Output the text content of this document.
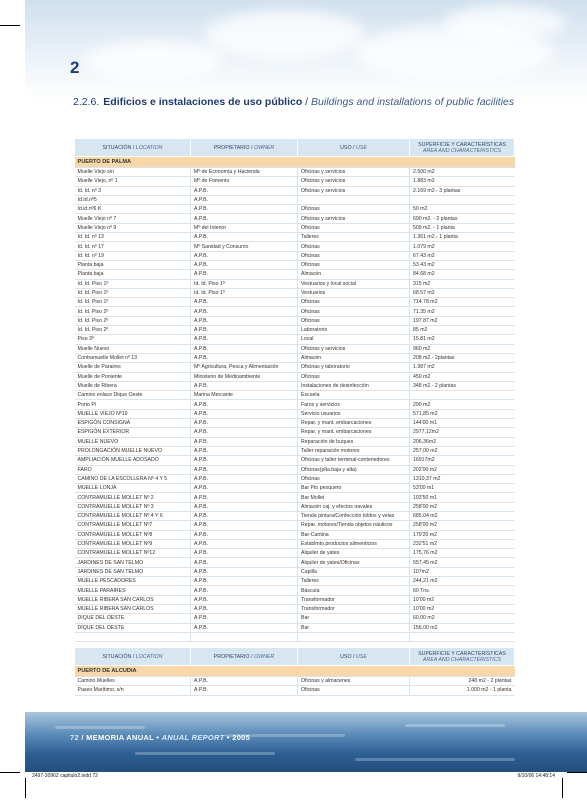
2
2.2.6. Edificios e instalaciones de uso público / Buildings and installations of public facilities
SITUACIÓN / LOCATION	PROPIETARIO / OWNER	USO / USE	SUPERFICIE Y CARACTERÍSTICAS
AREA AND CHARACTERISTICS
PUERTO DE PALMA			
Muelle Viejo s/n	Mº de Economía y Hacienda	Oficinas y servicios	2.500 m2
Muelle Viejo, nº 1	Mº de Fomento	Oficinas y servicios	1.883 m2
Id. Id. nº 3	A.P.B.	Oficinas y servicios	2.169 m2.- 3 plantas
Id.Id.nº5	A.P.B.		
Id.id.nº6 K	A.P.B.	Oficinas	50 m2
Muelle Viejo nº 7	A.P.B.	Oficinas y servicios	690 m2. - 2 plantas
Muelle Viejo nº 9	Mº del Interior	Oficinas	509 m2. - 1 planta
Id. Id. nº 13	A.P.B.	Talleres	1.361 m2.- 1 planta
Id. Id. nº 17	Mº Sanidad y Consumo	Oficinas	1.079 m2
Id. Id. nº 19	A.P.B.	Oficinas	67.43 m2
Planta baja	A.P.B.	Oficinas	53.43 m2
Planta baja	A.P.B.	Almacén	84.68 m2
Id. Id. Piso 1º	Id. Id. Piso 1º	Vestuarios y local social	315 m2
Id. Id. Piso 1º	Id. Id. Piso 1º	Vestuarios	68.57 m2
Id. Id. Piso 1º	A.P.B.	Oficinas	714.78 m2
Id. Id. Piso 2º	A.P.B.	Oficinas	71.35 m2
Id. Id. Piso 2º	A.P.B.	Oficinas	197.87 m2
Id. Id. Piso 2º	A.P.B.	Laboratorio	85 m2
Piso 3º	A.P.B.	Local	15.81 m2
Muelle Nuevo	A.P.B.	Oficinas y servicios	960 m2
Contramuelle Mollet nº 13	A.P.B.	Almacén	208 m2.- 2plantas
Muelle de Paraires	Mº Agricultura, Pesca y Alimentación	Oficinas y laboratorio	1.987 m2
Muelle de Poniente	Ministerio de Medioambiente	Oficinas	450 m2
Muelle de Ribera	A.P.B.	Instalaciones de desinfección	348 m2.- 2 plantas
Camino enlace Dique Oeste	Marina Mercante	Escuela	
Porto Pí	A.P.B.	Faros y servicios	290 m2
MUELLE VIEJO Nº19	A.P.B.	Servicio usuarios	571,85 m2
ESPIGÓN CONSIGNA	A.P.B.	Repar. y mant. embarcaciones	144'00 m1
ESPIGÓN EXTERIOR	A.P.B.	Repar. y mant. embarcaciones	2977,12m2
MUELLE NUEVO	A.P.B.	Reparación de buques	206,36m2
PROLONGACIÓN MUELLE NUEVO	A.P.B.	Taller reparación motores	257,00 m2
AMPLIACIÓN MUELLE ADOSADO	A.P.B.	Oficinas y taller terminal-contenedores	16917m2
FARO	A.P.B.	Oficinas(plta.baja y alta)	202'00 m2
CAMINO DE LA ESCOLLERA Nº 4 Y 5	A.P.B.	Oficinas	1310,37 m2
MUELLE LONJA	A.P.B.	Bar Pto pesquero	53'00 m1
CONTRAMUELLE MOLLET Nº 2	A.P.B.	Bar Mollet	103'50 m1
CONTRAMUELLE MOLLET Nº 3	A.P.B.	Almacén caj. y efectos navales	258'00 m2
CONTRAMUELLE MOLLET Nº 4 Y 6	A.P.B.	Tienda pintura/Confección toldos y velas	685,04 m2
CONTRAMUELLE MOLLET Nº7	A.P.B.	Repar. motores/Tienda objetos náuticos	258'00 m2
CONTRAMUELLE MOLLET Nº8	A.P.B.	Bar-Cantina	179'20 m2
CONTRAMUELLE MOLLET Nº9	A.P.B.	Establmto.productos alimenticios	232'51 m2
CONTRAMUELLE MOLLET Nº12	A.P.B.	Alquiler de yates	175,76 m2
JARDINES DE SAN TELMO	A.P.B.	Alquiler de yates/Oficinas	557,45 m2
JARDINES DE SAN TELMO	A.P.B.	Capilla	107m2
MUELLE PESCADORES	A.P.B.	Talleres	244,21 m2
MUELLE PARAIRES	A.P.B.	Báscula	60 Tns.
MUELLE RIBERA SAN CARLOS	A.P.B.	Transformador	10'00 m2
MUELLE RIBERA SAN CARLOS	A.P.B.	Transformador	10'00 m2
DIQUE DEL OESTE	A.P.B.	Bar	60,00 m2
DIQUE DEL OESTE	A.P.B.	Bar	156,00 m2

SITUACIÓN / LOCATION	PROPIETARIO / OWNER	USO / USE	SUPERFICIE Y CARACTERÍSTICAS
AREA AND CHARACTERISTICS
PUERTO DE ALCUDIA			
Camino Muelles	A.P.B.	Oficinas y almacenes	248 m2 - 2 plantas
Paseo Marítimo, s/n	A.P.B.	Oficinas	1.000 m2 - 1 planta
72 / MEMORIA ANUAL • ANUAL REPORT • 2005
2497-30962 capitulo2.indd 72	9/10/06 14:48:14
